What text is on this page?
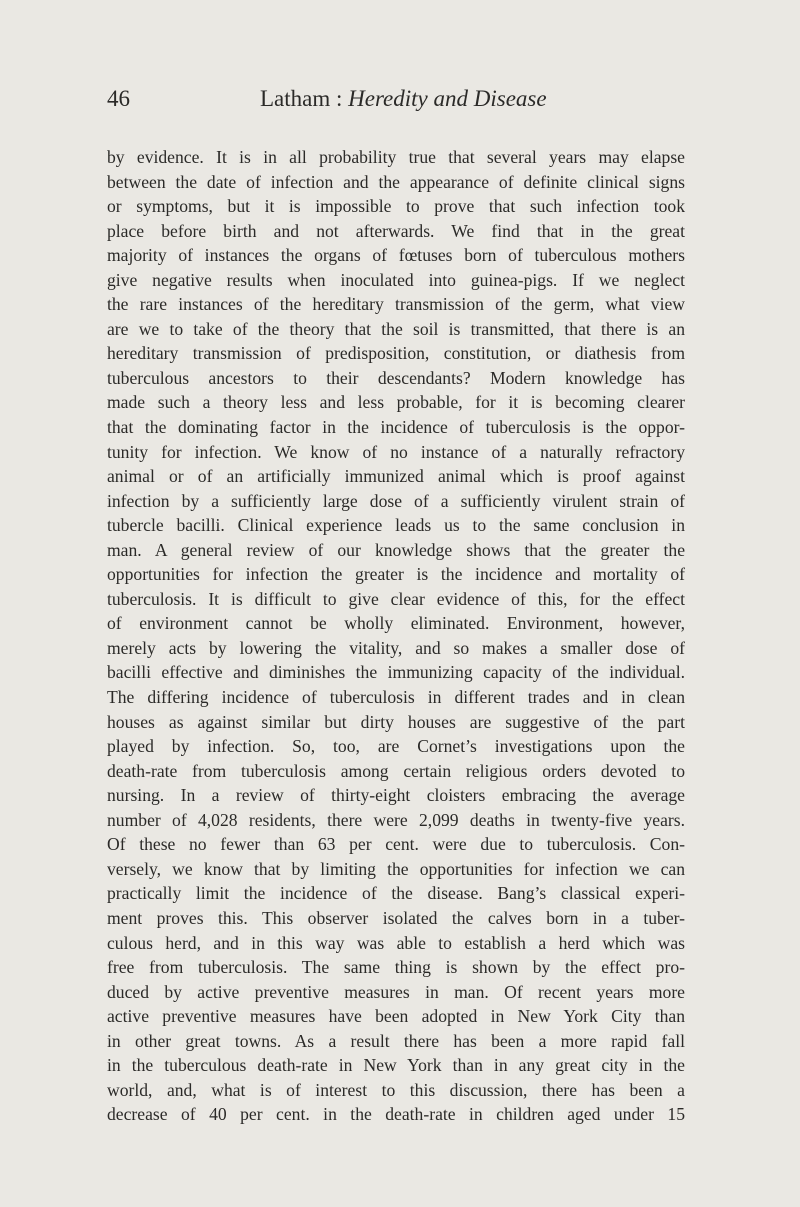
46	Latham : Heredity and Disease
by evidence. It is in all probability true that several years may elapse
between the date of infection and the appearance of definite clinical signs
or symptoms, but it is impossible to prove that such infection took
place before birth and not afterwards. We find that in the great
majority of instances the organs of fœtuses born of tuberculous mothers
give negative results when inoculated into guinea-pigs. If we neglect
the rare instances of the hereditary transmission of the germ, what view
are we to take of the theory that the soil is transmitted, that there is an
hereditary transmission of predisposition, constitution, or diathesis from
tuberculous ancestors to their descendants? Modern knowledge has
made such a theory less and less probable, for it is becoming clearer
that the dominating factor in the incidence of tuberculosis is the oppor-
tunity for infection. We know of no instance of a naturally refractory
animal or of an artificially immunized animal which is proof against
infection by a sufficiently large dose of a sufficiently virulent strain of
tubercle bacilli. Clinical experience leads us to the same conclusion in
man. A general review of our knowledge shows that the greater the
opportunities for infection the greater is the incidence and mortality of
tuberculosis. It is difficult to give clear evidence of this, for the effect
of environment cannot be wholly eliminated. Environment, however,
merely acts by lowering the vitality, and so makes a smaller dose of
bacilli effective and diminishes the immunizing capacity of the individual.
The differing incidence of tuberculosis in different trades and in clean
houses as against similar but dirty houses are suggestive of the part
played by infection. So, too, are Cornet’s investigations upon the
death-rate from tuberculosis among certain religious orders devoted to
nursing. In a review of thirty-eight cloisters embracing the average
number of 4,028 residents, there were 2,099 deaths in twenty-five years.
Of these no fewer than 63 per cent. were due to tuberculosis. Con-
versely, we know that by limiting the opportunities for infection we can
practically limit the incidence of the disease. Bang’s classical experi-
ment proves this. This observer isolated the calves born in a tuber-
culous herd, and in this way was able to establish a herd which was
free from tuberculosis. The same thing is shown by the effect pro-
duced by active preventive measures in man. Of recent years more
active preventive measures have been adopted in New York City than
in other great towns. As a result there has been a more rapid fall
in the tuberculous death-rate in New York than in any great city in the
world, and, what is of interest to this discussion, there has been a
decrease of 40 per cent. in the death-rate in children aged under 15
